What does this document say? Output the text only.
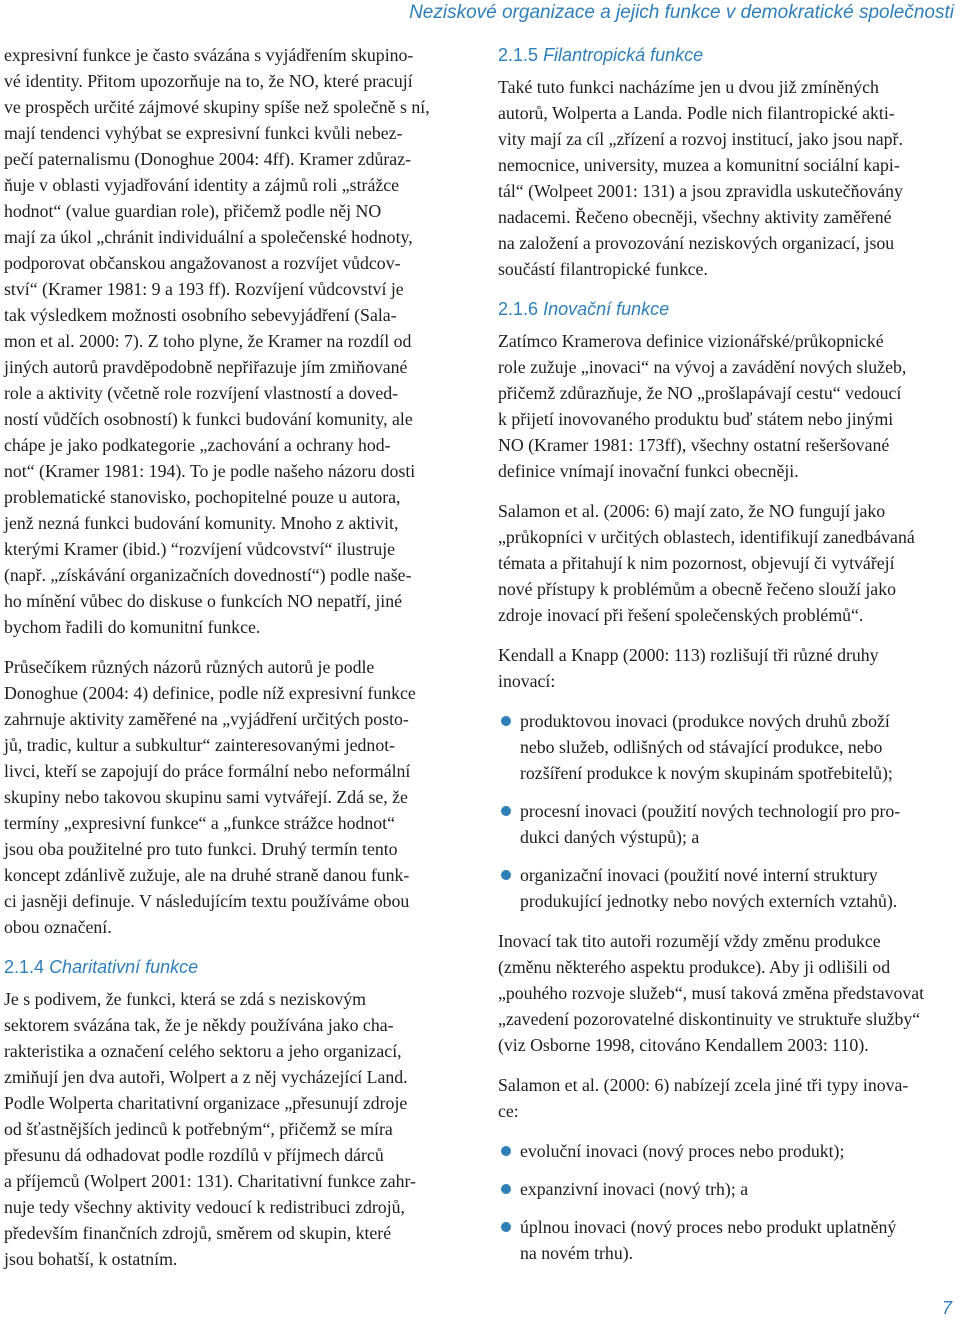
Neziskové organizace a jejich funkce v demokratické společnosti
expresivní funkce je často svázána s vyjádřením skupino-
vé identity. Přitom upozorňuje na to, že NO, které pracují
ve prospěch určité zájmové skupiny spíše než společně s ní,
mají tendenci vyhýbat se expresivní funkci kvůli nebez-
pečí paternalismu (Donoghue 2004: 4ff). Kramer zdůraz-
ňuje v oblasti vyjadřování identity a zájmů roli „strážce
hodnot“ (value guardian role), přičemž podle něj NO
mají za úkol „chránit individuální a společenské hodnoty,
podporovat občanskou angažovanost a rozvíjet vůdcov-
ství“ (Kramer 1981: 9 a 193 ff). Rozvíjení vůdcovství je
tak výsledkem možnosti osobního sebevyjádření (Sala-
mon et al. 2000: 7). Z toho plyne, že Kramer na rozdíl od
jiných autorů pravděpodobně nepřiřazuje jím zmiňované
role a aktivity (včetně role rozvíjení vlastností a doved-
ností vůdčích osobností) k funkci budování komunity, ale
chápe je jako podkategorie „zachování a ochrany hod-
not“ (Kramer 1981: 194). To je podle našeho názoru dosti
problematické stanovisko, pochopitelné pouze u autora,
jenž nezná funkci budování komunity. Mnoho z aktivit,
kterými Kramer (ibid.) “rozvíjení vůdcovství“ ilustruje
(např. „získávání organizačních dovedností“) podle naše-
ho mínění vůbec do diskuse o funkcích NO nepatří, jiné
bychom řadili do komunitní funkce.
Průsečíkem různých názorů různých autorů je podle
Donoghue (2004: 4) definice, podle níž expresivní funkce
zahrnuje aktivity zaměřené na „vyjádření určitých posto-
jů, tradic, kultur a subkultur“ zainteresovanými jednot-
livci, kteří se zapojují do práce formální nebo neformální
skupiny nebo takovou skupinu sami vytvářejí. Zdá se, že
termíny „expresivní funkce“ a „funkce strážce hodnot“
jsou oba použitelné pro tuto funkci. Druhý termín tento
koncept zdánlivě zužuje, ale na druhé straně danou funk-
ci jasněji definuje. V následujícím textu používáme obou
obou označení.
2.1.4 Charitativní funkce
Je s podivem, že funkci, která se zdá s neziskovým
sektorem svázána tak, že je někdy používána jako cha-
rakteristika a označení celého sektoru a jeho organizací,
zmiňují jen dva autoři, Wolpert a z něj vycházející Land.
Podle Wolperta charitativní organizace „přesunují zdroje
od šťastnějších jedinců k potřebným“, přičemž se míra
přesunu dá odhadovat podle rozdílů v příjmech dárců
a příjemců (Wolpert 2001: 131). Charitativní funkce zahr-
nuje tedy všechny aktivity vedoucí k redistribuci zdrojů,
především finančních zdrojů, směrem od skupin, které
jsou bohatší, k ostatním.
2.1.5 Filantropická funkce
Také tuto funkci nacházíme jen u dvou již zmíněných
autorů, Wolperta a Landa. Podle nich filantropické akti-
vity mají za cíl „zřízení a rozvoj institucí, jako jsou např.
nemocnice, university, muzea a komunitní sociální kapi-
tál“ (Wolpeet 2001: 131) a jsou zpravidla uskutečňovány
nadacemi. Řečeno obecněji, všechny aktivity zaměřené
na založení a provozování neziskových organizací, jsou
součástí filantropické funkce.
2.1.6 Inovační funkce
Zatímco Kramerova definice vizionářské/průkopnické
role zužuje „inovaci“ na vývoj a zavádění nových služeb,
přičemž zdůrazňuje, že NO „prošlapávají cestu“ vedoucí
k přijetí inovovaného produktu buď státem nebo jinými
NO (Kramer 1981: 173ff), všechny ostatní rešeršované
definice vnímají inovační funkci obecněji.
Salamon et al. (2006: 6) mají zato, že NO fungují jako
„průkopníci v určitých oblastech, identifikují zanedbávaná
témata a přitahují k nim pozornost, objevují či vytvářejí
nové přístupy k problémům a obecně řečeno slouží jako
zdroje inovací při řešení společenských problémů“.
Kendall a Knapp (2000: 113) rozlišují tři různé druhy
inovací:
produktovou inovaci (produkce nových druhů zboží
nebo služeb, odlišných od stávající produkce, nebo
rozšíření produkce k novým skupinám spotřebitelů);
procesní inovaci (použití nových technologií pro pro-
dukci daných výstupů); a
organizační inovaci (použití nové interní struktury
produkující jednotky nebo nových externích vztahů).
Inovací tak tito autoři rozumějí vždy změnu produkce
(změnu některého aspektu produkce). Aby ji odlišili od
„pouhého rozvoje služeb“, musí taková změna představovat
„zavedení pozorovatelné diskontinuity ve struktuře služby“
(viz Osborne 1998, citováno Kendallem 2003: 110).
Salamon et al. (2000: 6) nabízejí zcela jiné tři typy inova-
ce:
evoluční inovaci (nový proces nebo produkt);
expanzivní inovaci (nový trh); a
úplnou inovaci (nový proces nebo produkt uplatněný
na novém trhu).
7
